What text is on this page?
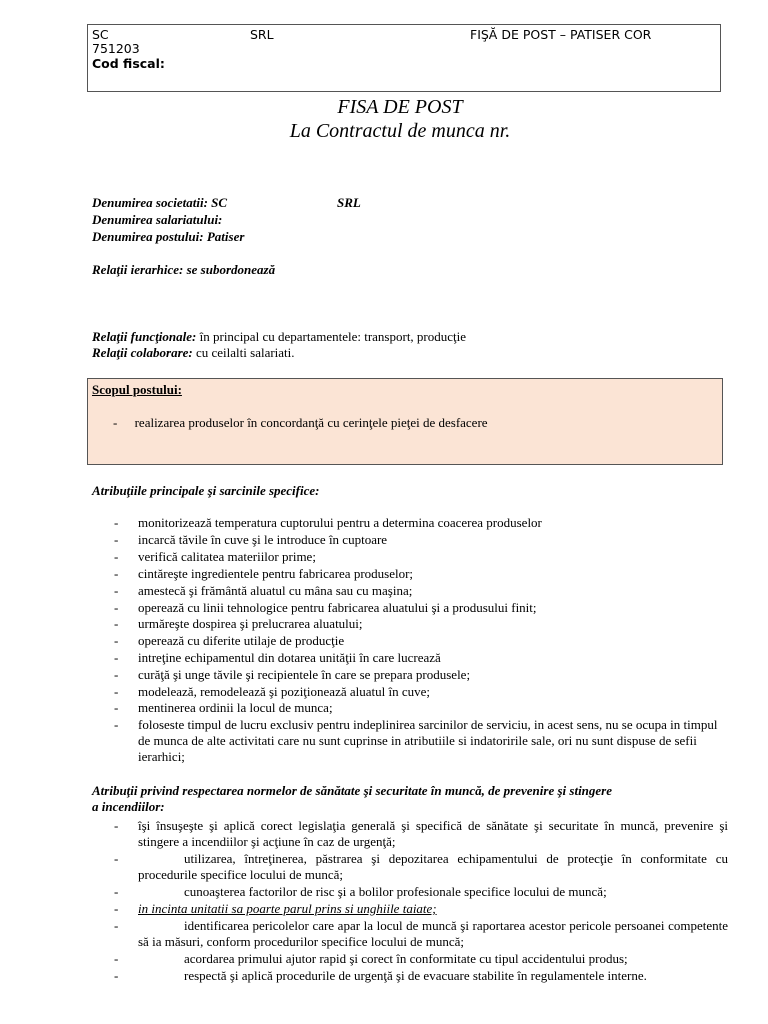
SC	SRL	FIŞĂ DE POST – PATISER COR
751203
Cod fiscal:
FISA DE POST
La Contractul de munca nr.
Denumirea societatii: SC	SRL
Denumirea salariatului:
Denumirea postului: Patiser
Relaţii ierarhice: se subordonează
Relaţii funcţionale: în principal cu departamentele: transport, producţie
Relaţii colaborare: cu ceilalti salariati.
Scopul postului:
- realizarea produselor în concordanţă cu cerinţele pieţei de desfacere
Atribuţiile principale şi sarcinile specifice:
- monitorizează temperatura cuptorului pentru a determina coacerea produselor
- incarcă tăvile în cuve şi le introduce în cuptoare
- verifică calitatea materiilor prime;
- cintăreşte ingredientele pentru fabricarea produselor;
- amestecă şi frământă aluatul cu mâna sau cu maşina;
- operează cu linii tehnologice pentru fabricarea aluatului şi a produsului finit;
- urmăreşte dospirea şi prelucrarea aluatului;
- operează cu diferite utilaje de producţie
- intreţine echipamentul din dotarea unităţii în care lucrează
- curăţă şi unge tăvile şi recipientele în care se prepara produsele;
- modelează, remodelează şi poziţionează aluatul în cuve;
- mentinerea ordinii la locul de munca;
- foloseste timpul de lucru exclusiv pentru indeplinirea sarcinilor de serviciu, in acest sens, nu se ocupa in timpul de munca de alte activitati care nu sunt cuprinse in atributiile si indatoririle sale, ori nu sunt dispuse de sefii ierarhici;
Atribuţii privind respectarea normelor de sănătate şi securitate în muncă, de prevenire şi stingere
a incendiilor:
- îşi însuşeşte şi aplică corect legislaţia generală şi specifică de sănătate şi securitate în muncă, prevenire şi stingere a incendiilor şi acţiune în caz de urgenţă;
-	utilizarea, întreţinerea, păstrarea şi depozitarea echipamentului de protecţie în conformitate cu procedurile specifice locului de muncă;
-	cunoaşterea factorilor de risc şi a bolilor profesionale specifice locului de muncă;
- in incinta unitatii sa poarte parul prins si unghiile taiate;
-	identificarea pericolelor care apar la locul de muncă şi raportarea acestor pericole persoanei competente să ia măsuri, conform procedurilor specifice locului de muncă;
-	acordarea primului ajutor rapid şi corect în conformitate cu tipul accidentului produs;
-	respectă şi aplică procedurile de urgenţă şi de evacuare stabilite în regulamentele interne.
